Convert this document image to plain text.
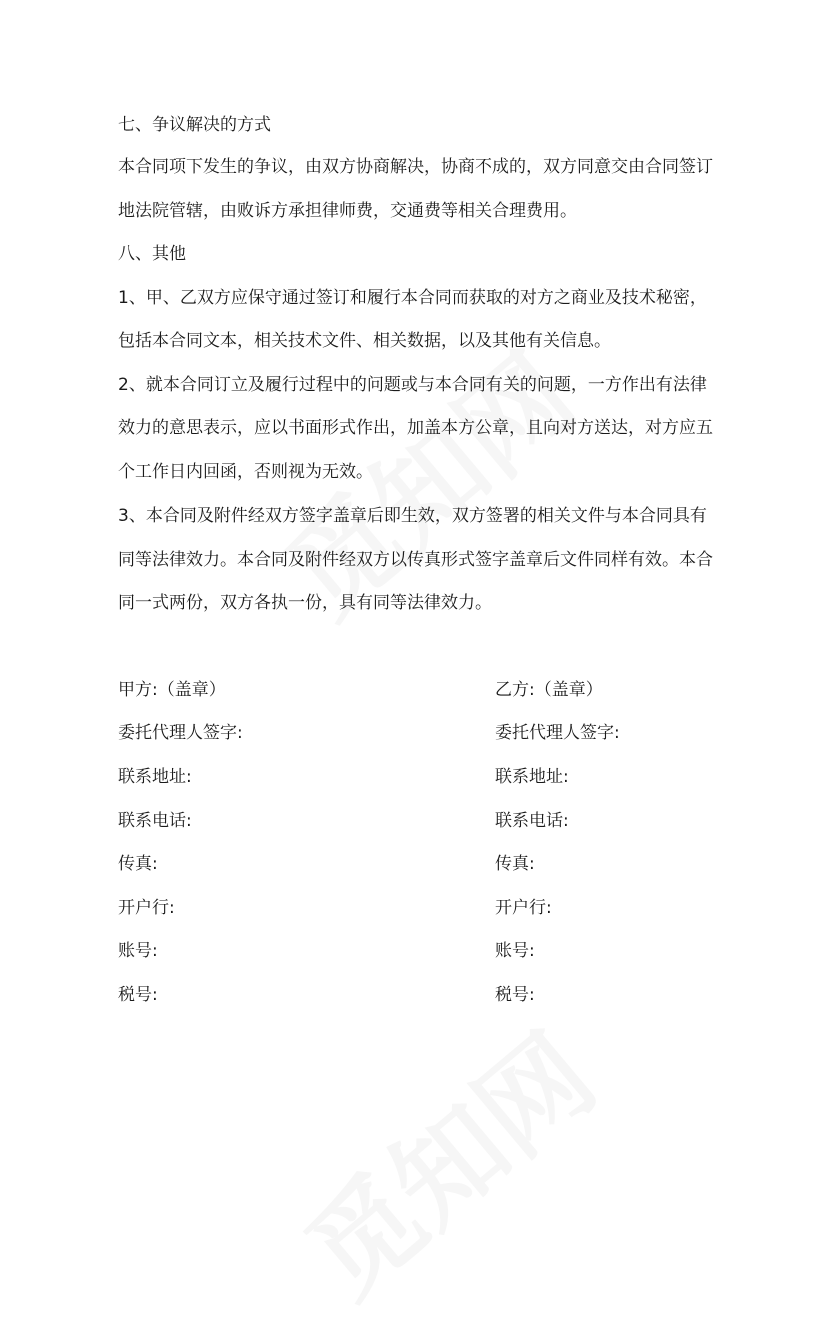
七、争议解决的方式
本合同项下发生的争议，由双方协商解决，协商不成的，双方同意交由合同签订
地法院管辖，由败诉方承担律师费，交通费等相关合理费用。
八、其他
1、甲、乙双方应保守通过签订和履行本合同而获取的对方之商业及技术秘密，
包括本合同文本，相关技术文件、相关数据，以及其他有关信息。
2、就本合同订立及履行过程中的问题或与本合同有关的问题，一方作出有法律
效力的意思表示，应以书面形式作出，加盖本方公章，且向对方送达，对方应五
个工作日内回函，否则视为无效。
3、本合同及附件经双方签字盖章后即生效，双方签署的相关文件与本合同具有
同等法律效力。本合同及附件经双方以传真形式签字盖章后文件同样有效。本合
同一式两份，双方各执一份，具有同等法律效力。
甲方:（盖章）
委托代理人签字:
联系地址:
联系电话:
传真:
开户行:
账号:
税号:
乙方:（盖章）
委托代理人签字:
联系地址:
联系电话:
传真:
开户行:
账号:
税号:
